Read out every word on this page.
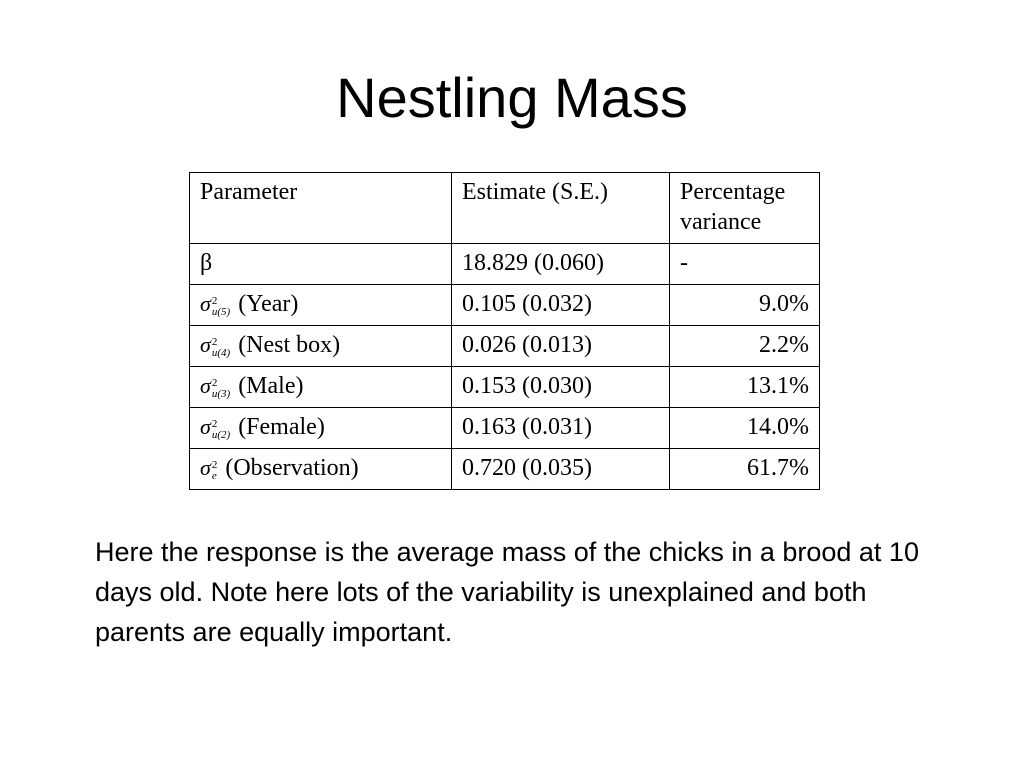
Nestling Mass
Parameter	Estimate (S.E.)	Percentage variance
β	18.829 (0.060)	-
σ 2
u(5) (Year)	0.105 (0.032)	9.0%
σ 2
u(4) (Nest box)	0.026 (0.013)	2.2%
σ 2
u(3) (Male)	0.153 (0.030)	13.1%
σ 2
u(2) (Female)	0.163 (0.031)	14.0%
σ 2
e (Observation)	0.720 (0.035)	61.7%

Here the response is the average mass of the chicks in a brood at 10 days old. Note here lots of the variability is unexplained and both parents are equally important.
